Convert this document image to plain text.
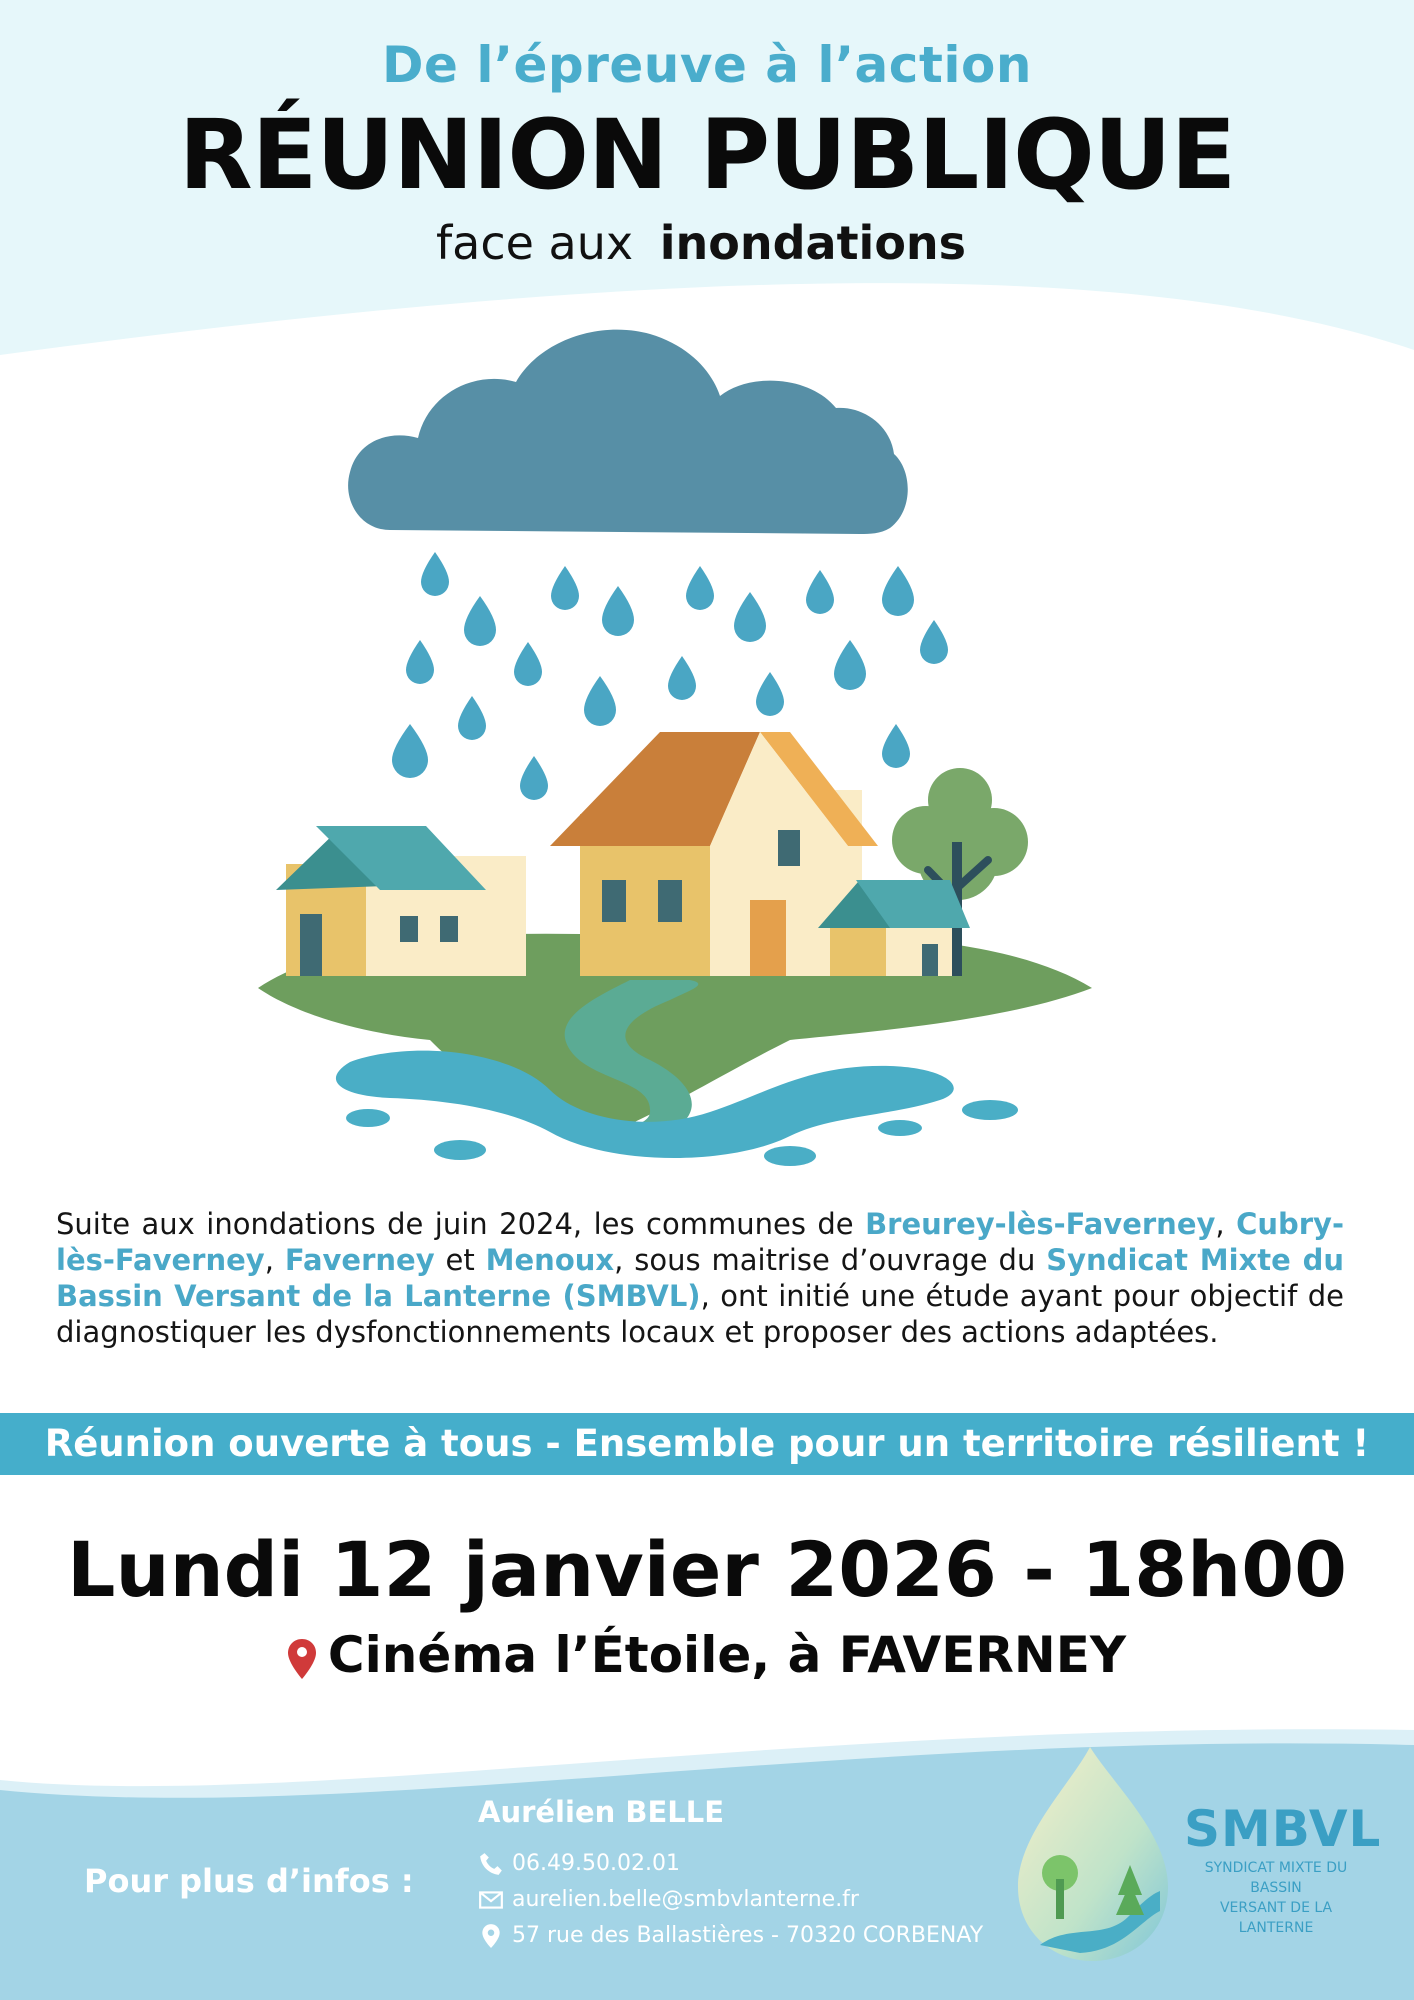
De l’épreuve à l’action
RÉUNION PUBLIQUE
face aux inondations
Suite aux inondations de juin 2024, les communes de Breurey-lès-Faverney, Cubry-lès-Faverney, Faverney et Menoux, sous maitrise d’ouvrage du Syndicat Mixte du Bassin Versant de la Lanterne (SMBVL), ont initié une étude ayant pour objectif de diagnostiquer les dysfonctionnements locaux et proposer des actions adaptées.
Réunion ouverte à tous - Ensemble pour un territoire résilient !
Lundi 12 janvier 2026 - 18h00
Cinéma l’Étoile, à FAVERNEY
Pour plus d’infos :
Aurélien BELLE
06.49.50.02.01
aurelien.belle@smbvlanterne.fr
57 rue des Ballastières - 70320 CORBENAY
SMBVL
SYNDICAT MIXTE DU BASSIN
VERSANT DE LA LANTERNE
